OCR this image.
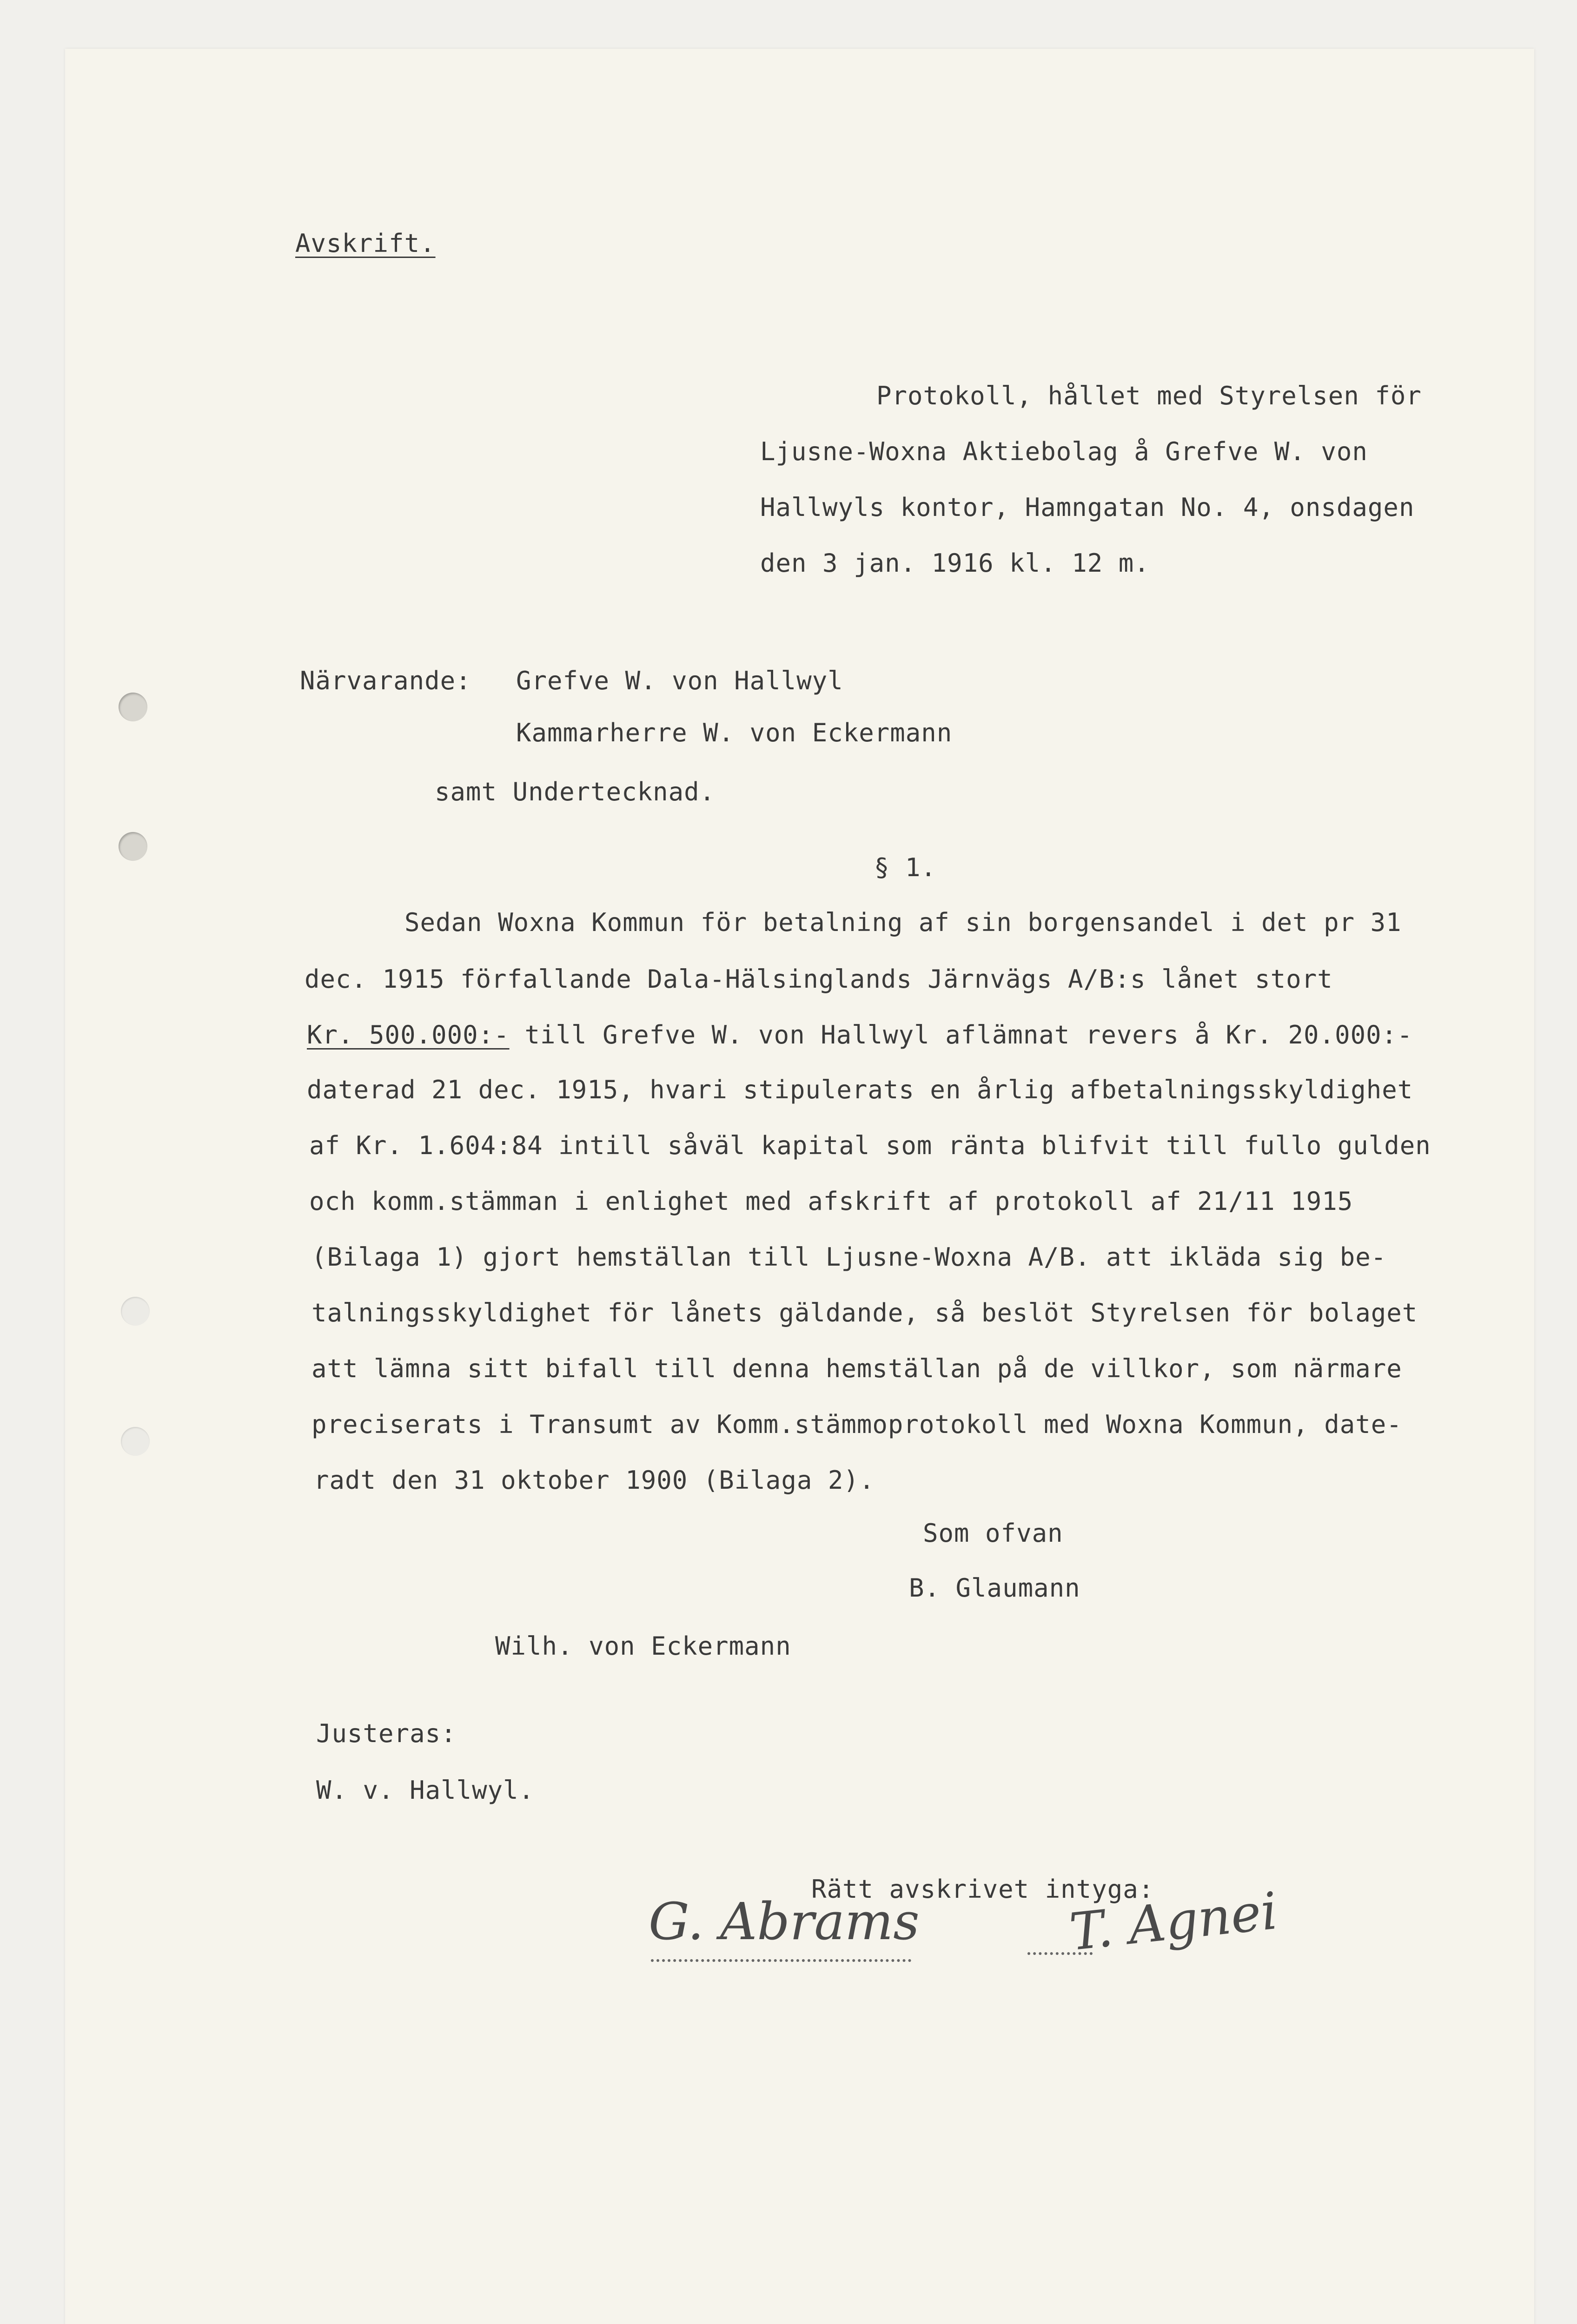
Avskrift.
Protokoll, hållet med Styrelsen för
Ljusne-Woxna Aktiebolag å Grefve W. von
Hallwyls kontor, Hamngatan No. 4, onsdagen
den 3 jan. 1916 kl. 12 m.
Närvarande: Grefve W. von Hallwyl
Kammarherre W. von Eckermann
samt Undertecknad.
§ 1.
Sedan Woxna Kommun för betalning af sin borgensandel i det pr 31
dec. 1915 förfallande Dala-Hälsinglands Järnvägs A/B:s lånet stort
Kr. 500.000:- till Grefve W. von Hallwyl aflämnat revers å Kr. 20.000:-
daterad 21 dec. 1915, hvari stipulerats en årlig afbetalningsskyldighet
af Kr. 1.604:84 intill såväl kapital som ränta blifvit till fullo gulden
och komm.stämman i enlighet med afskrift af protokoll af 21/11 1915
(Bilaga 1) gjort hemställan till Ljusne-Woxna A/B. att ikläda sig be-
talningsskyldighet för lånets gäldande, så beslöt Styrelsen för bolaget
att lämna sitt bifall till denna hemställan på de villkor, som närmare
preciserats i Transumt av Komm.stämmoprotokoll med Woxna Kommun, date-
radt den 31 oktober 1900 (Bilaga 2).
Som ofvan
B. Glaumann
Wilh. von Eckermann
Justeras:
W. v. Hallwyl.
Rätt avskrivet intyga:
G. Abrams	T. Agnei
